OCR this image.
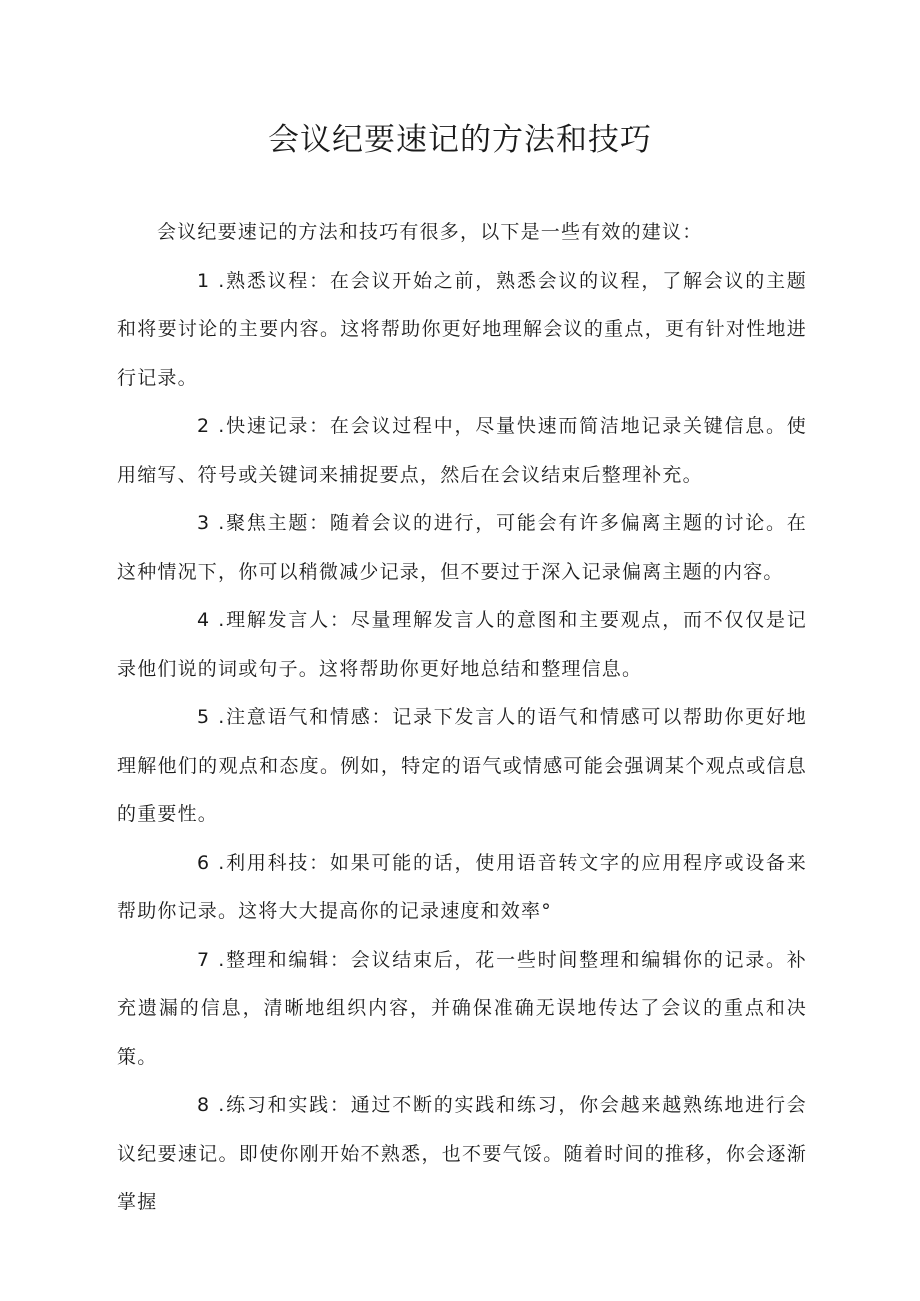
会议纪要速记的方法和技巧

会议纪要速记的方法和技巧有很多，以下是一些有效的建议：

1 .熟悉议程：在会议开始之前，熟悉会议的议程，了解会议的主题和将要讨论的主要内容。这将帮助你更好地理解会议的重点，更有针对性地进行记录。

2 .快速记录：在会议过程中，尽量快速而简洁地记录关键信息。使用缩写、符号或关键词来捕捉要点，然后在会议结束后整理补充。

3 .聚焦主题：随着会议的进行，可能会有许多偏离主题的讨论。在这种情况下，你可以稍微减少记录，但不要过于深入记录偏离主题的内容。

4 .理解发言人：尽量理解发言人的意图和主要观点，而不仅仅是记录他们说的词或句子。这将帮助你更好地总结和整理信息。

5 .注意语气和情感：记录下发言人的语气和情感可以帮助你更好地理解他们的观点和态度。例如，特定的语气或情感可能会强调某个观点或信息的重要性。

6 .利用科技：如果可能的话，使用语音转文字的应用程序或设备来帮助你记录。这将大大提高你的记录速度和效率°

7 .整理和编辑：会议结束后，花一些时间整理和编辑你的记录。补充遗漏的信息，清晰地组织内容，并确保准确无误地传达了会议的重点和决策。

8 .练习和实践：通过不断的实践和练习，你会越来越熟练地进行会议纪要速记。即使你刚开始不熟悉，也不要气馁。随着时间的推移，你会逐渐掌握
